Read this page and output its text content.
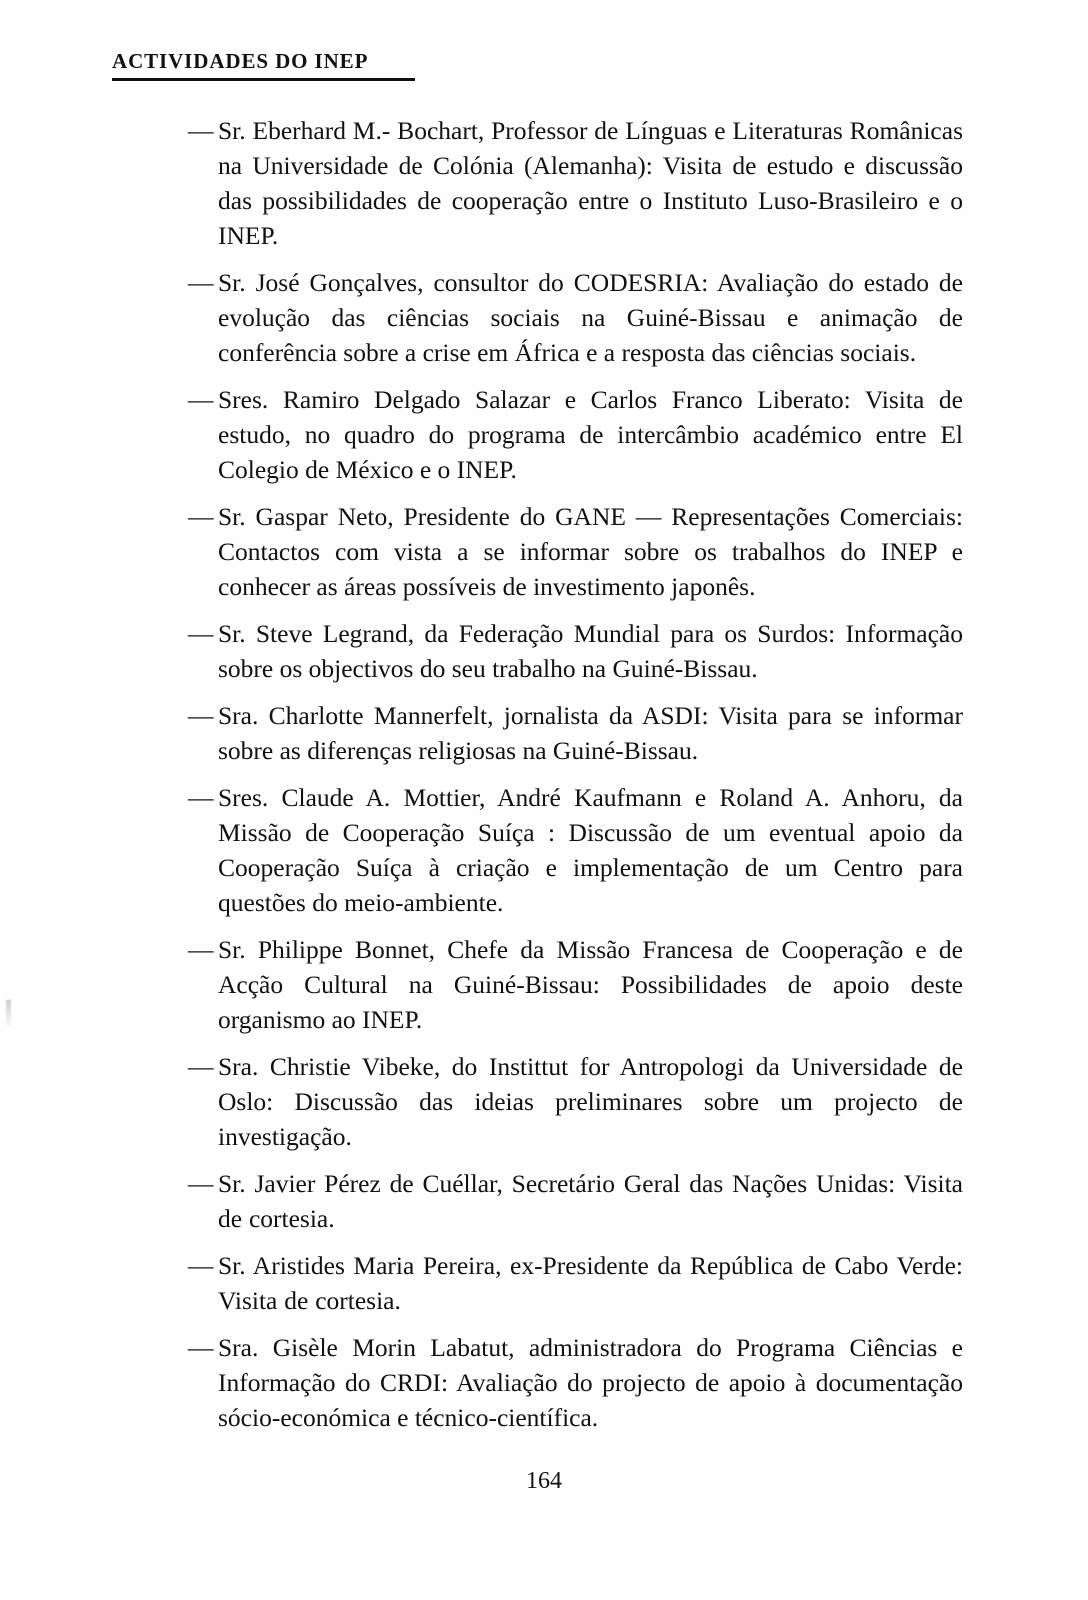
ACTIVIDADES DO INEP
— Sr. Eberhard M.- Bochart, Professor de Línguas e Literaturas Românicas na Universidade de Colónia (Alemanha): Visita de estudo e discussão das possibilidades de cooperação entre o Instituto Luso-Brasileiro e o INEP.
— Sr. José Gonçalves, consultor do CODESRIA: Avaliação do estado de evolução das ciências sociais na Guiné-Bissau e animação de conferência sobre a crise em África e a resposta das ciências sociais.
— Sres. Ramiro Delgado Salazar e Carlos Franco Liberato: Visita de estudo, no quadro do programa de intercâmbio académico entre El Colegio de México e o INEP.
— Sr. Gaspar Neto, Presidente do GANE — Representações Comerciais: Contactos com vista a se informar sobre os trabalhos do INEP e conhecer as áreas possíveis de investimento japonês.
— Sr. Steve Legrand, da Federação Mundial para os Surdos: Informação sobre os objectivos do seu trabalho na Guiné-Bissau.
— Sra. Charlotte Mannerfelt, jornalista da ASDI: Visita para se informar sobre as diferenças religiosas na Guiné-Bissau.
— Sres. Claude A. Mottier, André Kaufmann e Roland A. Anhoru, da Missão de Cooperação Suíça : Discussão de um eventual apoio da Cooperação Suíça à criação e implementação de um Centro para questões do meio-ambiente.
— Sr. Philippe Bonnet, Chefe da Missão Francesa de Cooperação e de Acção Cultural na Guiné-Bissau: Possibilidades de apoio deste organismo ao INEP.
— Sra. Christie Vibeke, do Instittut for Antropologi da Universidade de Oslo: Discussão das ideias preliminares sobre um projecto de investigação.
— Sr. Javier Pérez de Cuéllar, Secretário Geral das Nações Unidas: Visita de cortesia.
— Sr. Aristides Maria Pereira, ex-Presidente da República de Cabo Verde: Visita de cortesia.
— Sra. Gisèle Morin Labatut, administradora do Programa Ciências e Informação do CRDI: Avaliação do projecto de apoio à documentação sócio-económica e técnico-científica.
164
